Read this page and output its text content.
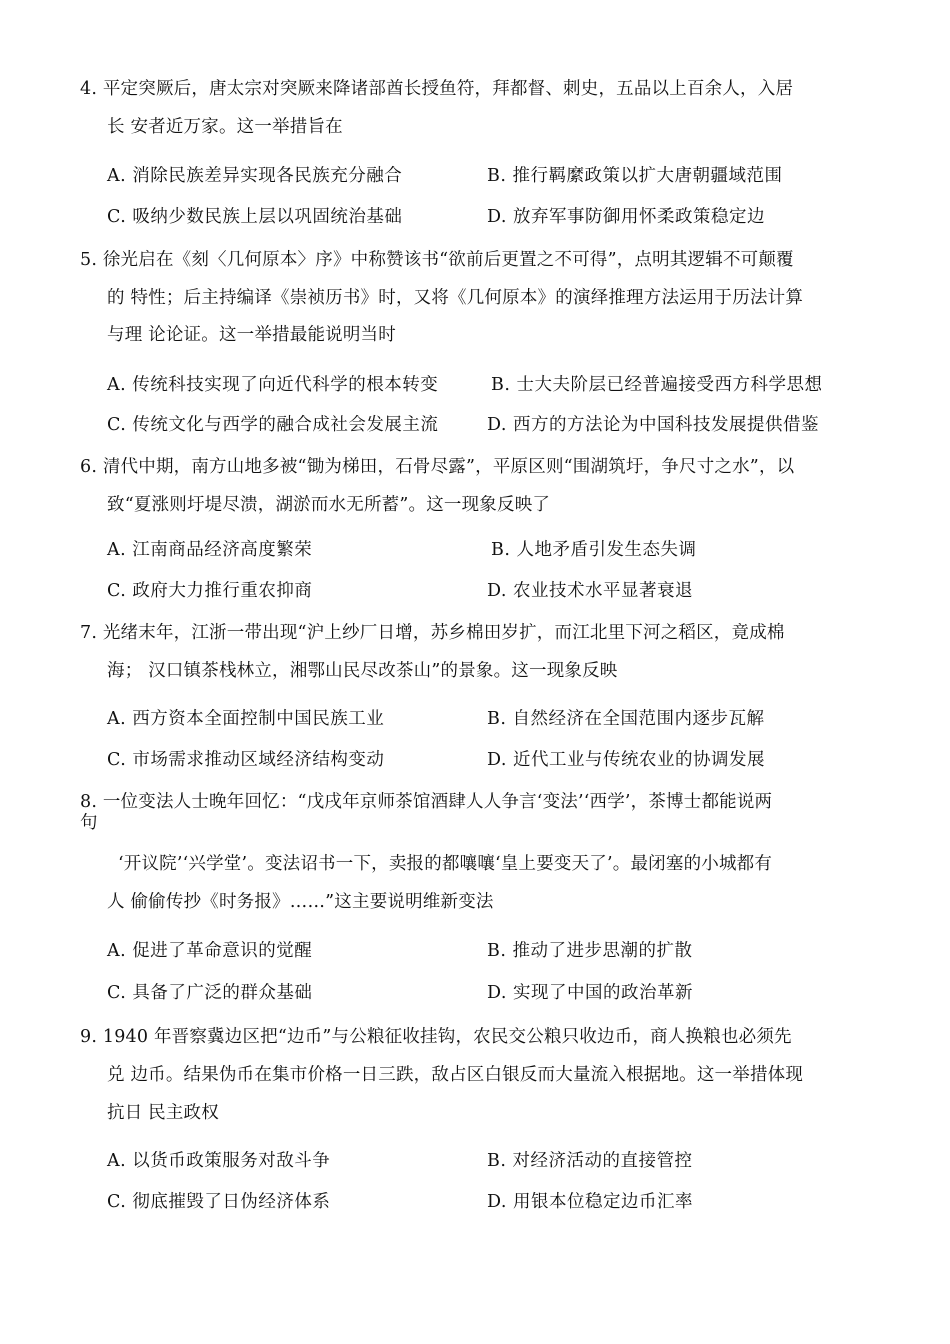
4. 平定突厥后，唐太宗对突厥来降诸部酋长授鱼符，拜都督、刺史，五品以上百余人，入居
长 安者近万家。这一举措旨在
A. 消除民族差异实现各民族充分融合	B. 推行羁縻政策以扩大唐朝疆域范围
C. 吸纳少数民族上层以巩固统治基础	D. 放弃军事防御用怀柔政策稳定边
5. 徐光启在《刻〈几何原本〉序》中称赞该书“欲前后更置之不可得”，点明其逻辑不可颠覆
的 特性；后主持编译《崇祯历书》时，又将《几何原本》的演绎推理方法运用于历法计算
与理 论论证。这一举措最能说明当时
A. 传统科技实现了向近代科学的根本转变	B. 士大夫阶层已经普遍接受西方科学思想
C. 传统文化与西学的融合成社会发展主流	D. 西方的方法论为中国科技发展提供借鉴
6. 清代中期，南方山地多被“锄为梯田，石骨尽露”，平原区则“围湖筑圩，争尺寸之水”，以
致“夏涨则圩堤尽溃，湖淤而水无所蓄”。这一现象反映了
A. 江南商品经济高度繁荣	B. 人地矛盾引发生态失调
C. 政府大力推行重农抑商	D. 农业技术水平显著衰退
7. 光绪末年，江浙一带出现“沪上纱厂日增，苏乡棉田岁扩，而江北里下河之稻区，竟成棉
海； 汉口镇茶栈林立，湘鄂山民尽改茶山”的景象。这一现象反映
A. 西方资本全面控制中国民族工业	B. 自然经济在全国范围内逐步瓦解
C. 市场需求推动区域经济结构变动	D. 近代工业与传统农业的协调发展
8. 一位变法人士晚年回忆：“戊戌年京师茶馆酒肆人人争言‘变法’‘西学’，茶博士都能说两
句
‘开议院’‘兴学堂’。变法诏书一下，卖报的都嚷嚷‘皇上要变天了’。最闭塞的小城都有
人 偷偷传抄《时务报》……”这主要说明维新变法
A. 促进了革命意识的觉醒	B. 推动了进步思潮的扩散
C. 具备了广泛的群众基础	D. 实现了中国的政治革新
9. 1940 年晋察冀边区把“边币”与公粮征收挂钩，农民交公粮只收边币，商人换粮也必须先
兑 边币。结果伪币在集市价格一日三跌，敌占区白银反而大量流入根据地。这一举措体现
抗日 民主政权
A. 以货币政策服务对敌斗争	B. 对经济活动的直接管控
C. 彻底摧毁了日伪经济体系	D. 用银本位稳定边币汇率
